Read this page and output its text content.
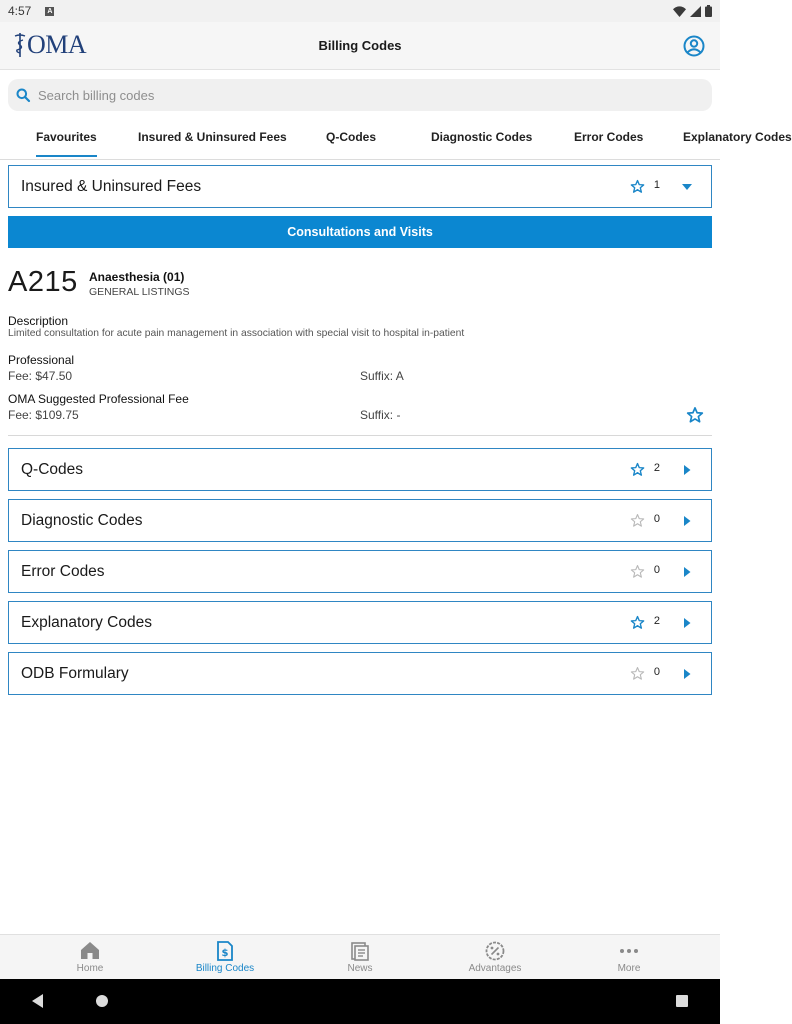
4:57 A
OMA	Billing Codes
Search billing codes
Favourites	Insured & Uninsured Fees	Q-Codes	Diagnostic Codes	Error Codes	Explanatory Codes
Insured & Uninsured Fees	1
Consultations and Visits
A215 Anaesthesia (01)
GENERAL LISTINGS
Description
Limited consultation for acute pain management in association with special visit to hospital in-patient
Professional
Fee: $47.50	Suffix: A
OMA Suggested Professional Fee
Fee: $109.75	Suffix: -
Q-Codes	2
Diagnostic Codes	0
Error Codes	0
Explanatory Codes	2
ODB Formulary	0
Home
$
Billing Codes	News	Advantages	More
